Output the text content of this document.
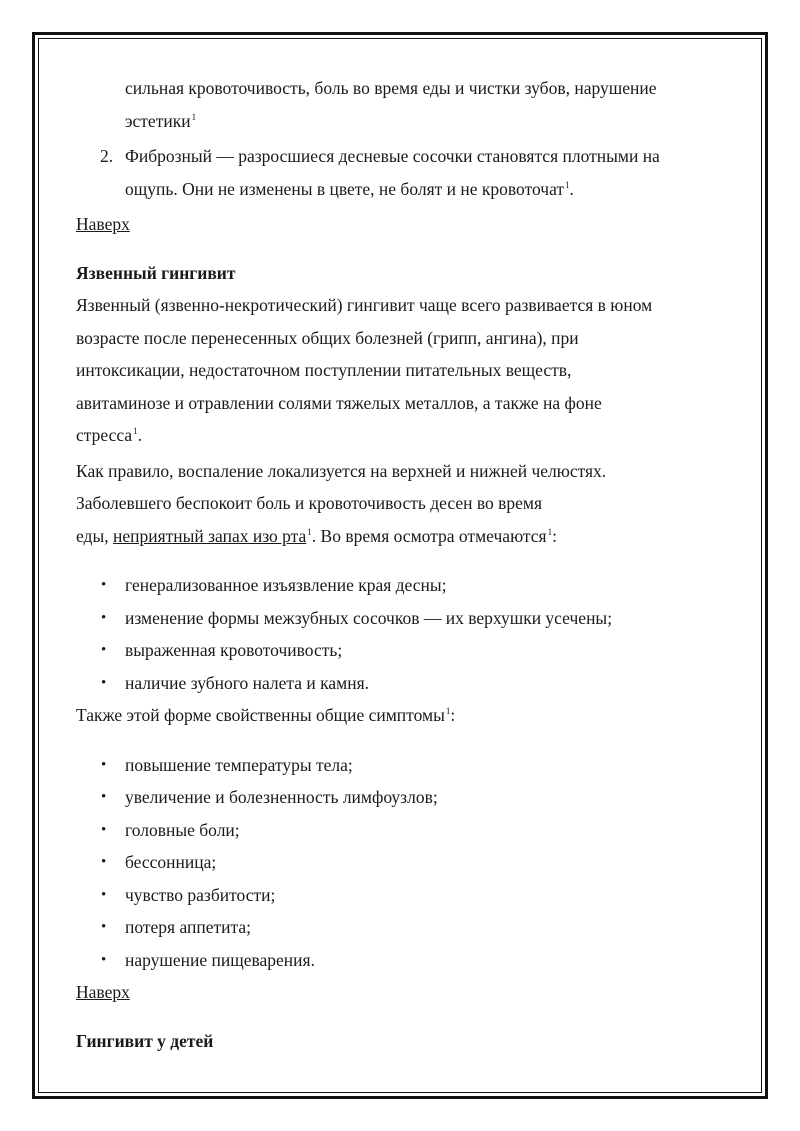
сильная кровоточивость, боль во время еды и чистки зубов, нарушение
эстетики$^1$
2. Фиброзный — разросшиеся десневые сосочки становятся плотными на
ощупь. Они не изменены в цвете, не болят и не кровоточат$^1$.
Наверх
Язвенный гингивит
Язвенный (язвенно-некротический) гингивит чаще всего развивается в юном
возрасте после перенесенных общих болезней (грипп, ангина), при
интоксикации, недостаточном поступлении питательных веществ,
авитаминозе и отравлении солями тяжелых металлов, а также на фоне
стресса$^1$.
Как правило, воспаление локализуется на верхней и нижней челюстях.
Заболевшего беспокоит боль и кровоточивость десен во время
еды, неприятный запах изо рта$^1$. Во время осмотра отмечаются$^1$:
• генерализованное изъязвление края десны;
• изменение формы межзубных сосочков — их верхушки усечены;
• выраженная кровоточивость;
• наличие зубного налета и камня.
Также этой форме свойственны общие симптомы$^1$:
• повышение температуры тела;
• увеличение и болезненность лимфоузлов;
• головные боли;
• бессонница;
• чувство разбитости;
• потеря аппетита;
• нарушение пищеварения.
Наверх
Гингивит у детей
